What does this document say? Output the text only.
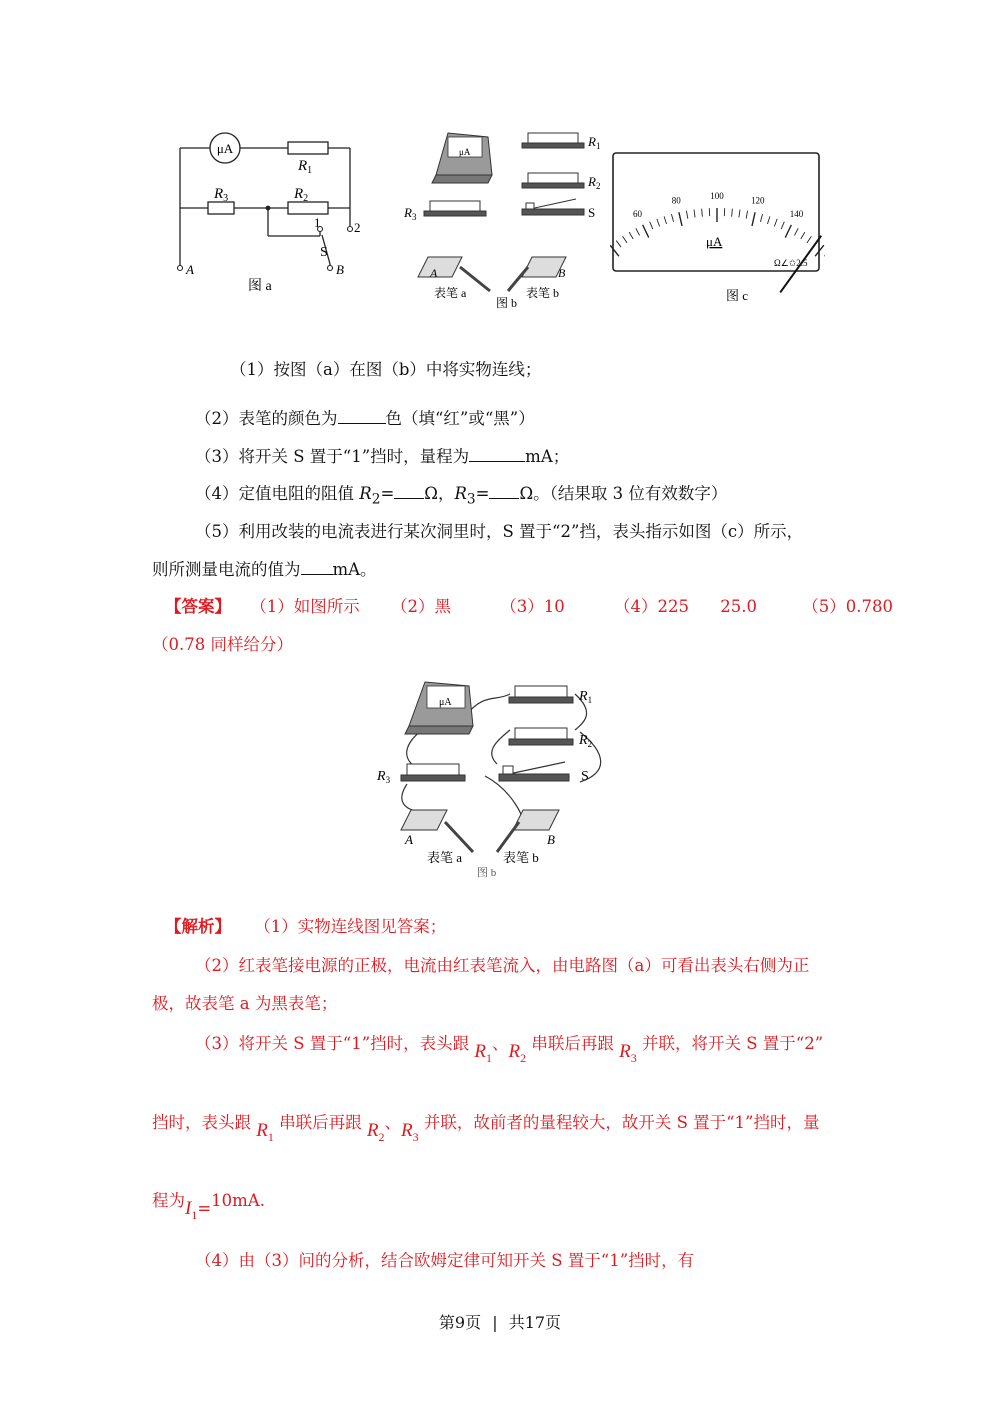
μA
$R_1$
$R_3$	$R_2$
1	2
S
A	B
图 a
μA
$R_1$
$R_2$
$R_3$	S
A	B
表笔 a	表笔 b
图 b
60
80	100	120
140
μA
Ω∠✩2.5
图 c
（1）按图（a）在图（b）中将实物连线；
（2）表笔的颜色为	色（填“红”或“黑”）
（3）将开关 S 置于“1”挡时，量程为	mA；
（4）定值电阻的阻值 $R_2= \Omega$，$R_3= \Omega$。（结果取 3 位有效数字）
（5）利用改装的电流表进行某次洞里时，S 置于“2”挡，表头指示如图（c）所示，
则所测量电流的值为 mA。
【答案】 （1）如图所示 （2）黑	（3）10	（4）225 25.0	（5）0.780
（0.78 同样给分）
μA	$R_1$
$R_2$
$R_3$	S
A	B
表笔 a	表笔 b
图 b
【解析】 （1）实物连线图见答案；
（2）红表笔接电源的正极，电流由红表笔流入，由电路图（a）可看出表头右侧为正
极，故表笔 a 为黑表笔；
（3）将开关 S 置于“1”挡时，表头跟 $R_1$、$R_2$ 串联后再跟 $R_3$ 并联，将开关 S 置于“2”
挡时，表头跟 $R_1$ 串联后再跟 $R_2$、$R_3$ 并联，故前者的量程较大，故开关 S 置于“1”挡时，量
程为$I_1=10mA$.
（4）由（3）问的分析，结合欧姆定律可知开关 S 置于“1”挡时，有
第9页 | 共17页
